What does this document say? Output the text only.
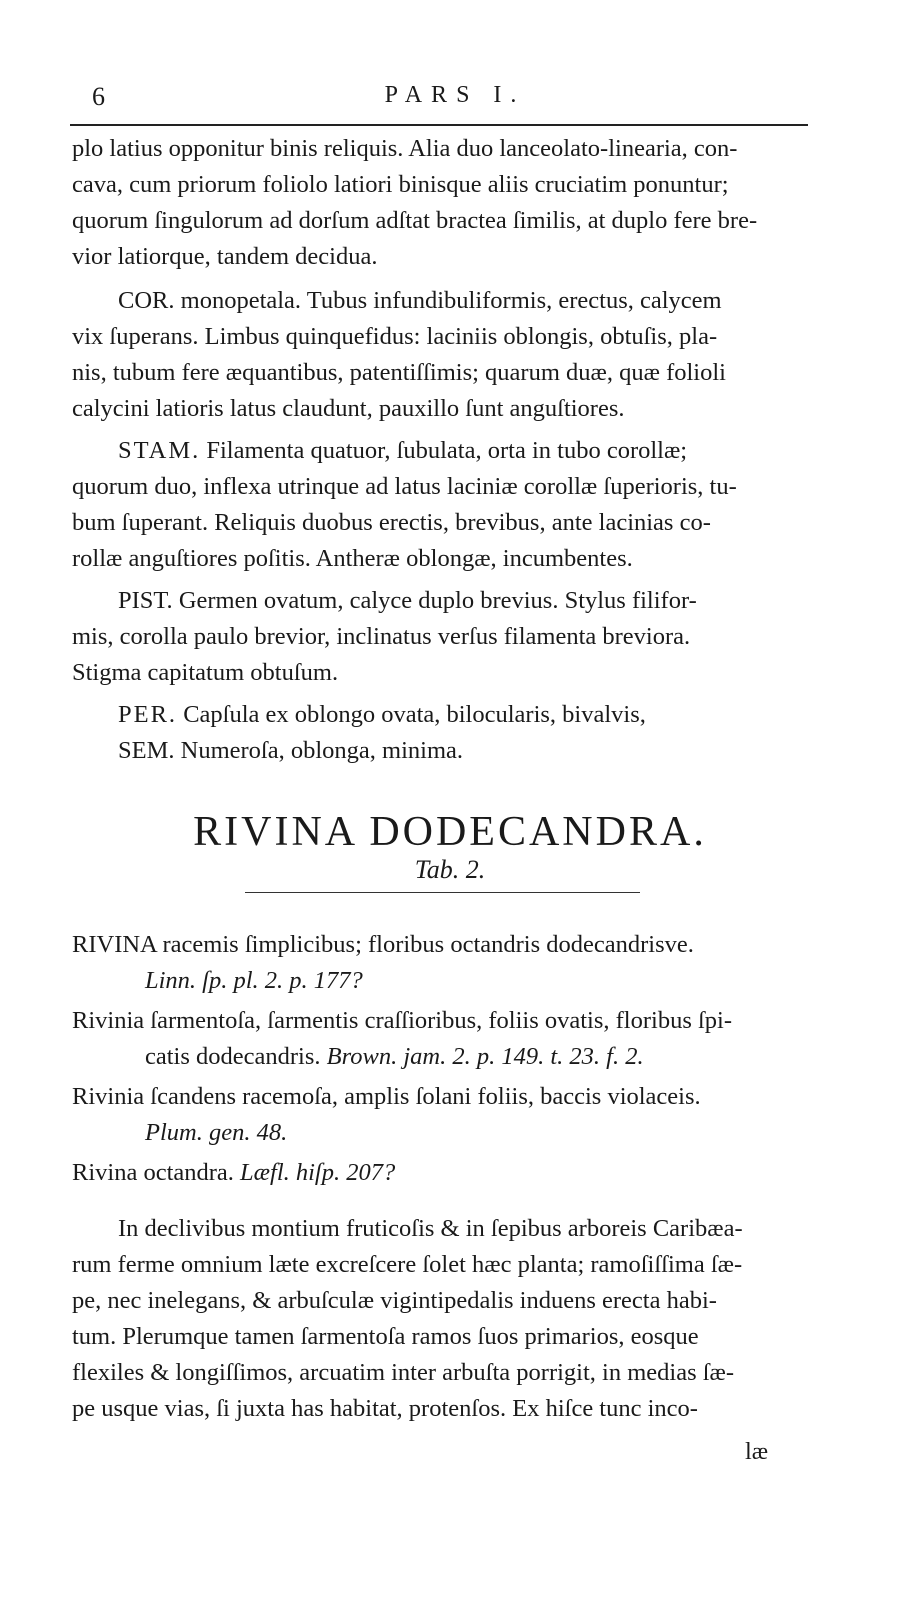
6	PARS I.
plo latius opponitur binis reliquis. Alia duo lanceolato-linearia, con-
cava, cum priorum foliolo latiori binisque aliis cruciatim ponuntur;
quorum ſingulorum ad dorſum adſtat bractea ſimilis, at duplo fere bre-
vior latiorque, tandem decidua.
COR. monopetala. Tubus infundibuliformis, erectus, calycem
vix ſuperans. Limbus quinquefidus: laciniis oblongis, obtuſis, pla-
nis, tubum fere æquantibus, patentiſſimis; quarum duæ, quæ folioli
calycini latioris latus claudunt, pauxillo ſunt anguſtiores.
STAM. Filamenta quatuor, ſubulata, orta in tubo corollæ;
quorum duo, inflexa utrinque ad latus laciniæ corollæ ſuperioris, tu-
bum ſuperant. Reliquis duobus erectis, brevibus, ante lacinias co-
rollæ anguſtiores poſitis. Antheræ oblongæ, incumbentes.
PIST. Germen ovatum, calyce duplo brevius. Stylus filifor-
mis, corolla paulo brevior, inclinatus verſus filamenta breviora.
Stigma capitatum obtuſum.
PER. Capſula ex oblongo ovata, bilocularis, bivalvis,
SEM. Numeroſa, oblonga, minima.
RIVINA DODECANDRA.
Tab. 2.
RIVINA racemis ſimplicibus; floribus octandris dodecandrisve.
Linn. ſp. pl. 2. p. 177?
Rivinia ſarmentoſa, ſarmentis craſſioribus, foliis ovatis, floribus ſpi-
catis dodecandris. Brown. jam. 2. p. 149. t. 23. f. 2.
Rivinia ſcandens racemoſa, amplis ſolani foliis, baccis violaceis.
Plum. gen. 48.
Rivina octandra. Læfl. hiſp. 207?
In declivibus montium fruticoſis & in ſepibus arboreis Caribæa-
rum ferme omnium læte excreſcere ſolet hæc planta; ramoſiſſima ſæ-
pe, nec inelegans, & arbuſculæ vigintipedalis induens erecta habi-
tum. Plerumque tamen ſarmentoſa ramos ſuos primarios, eosque
flexiles & longiſſimos, arcuatim inter arbuſta porrigit, in medias ſæ-
pe usque vias, ſi juxta has habitat, protenſos. Ex hiſce tunc inco-
læ
